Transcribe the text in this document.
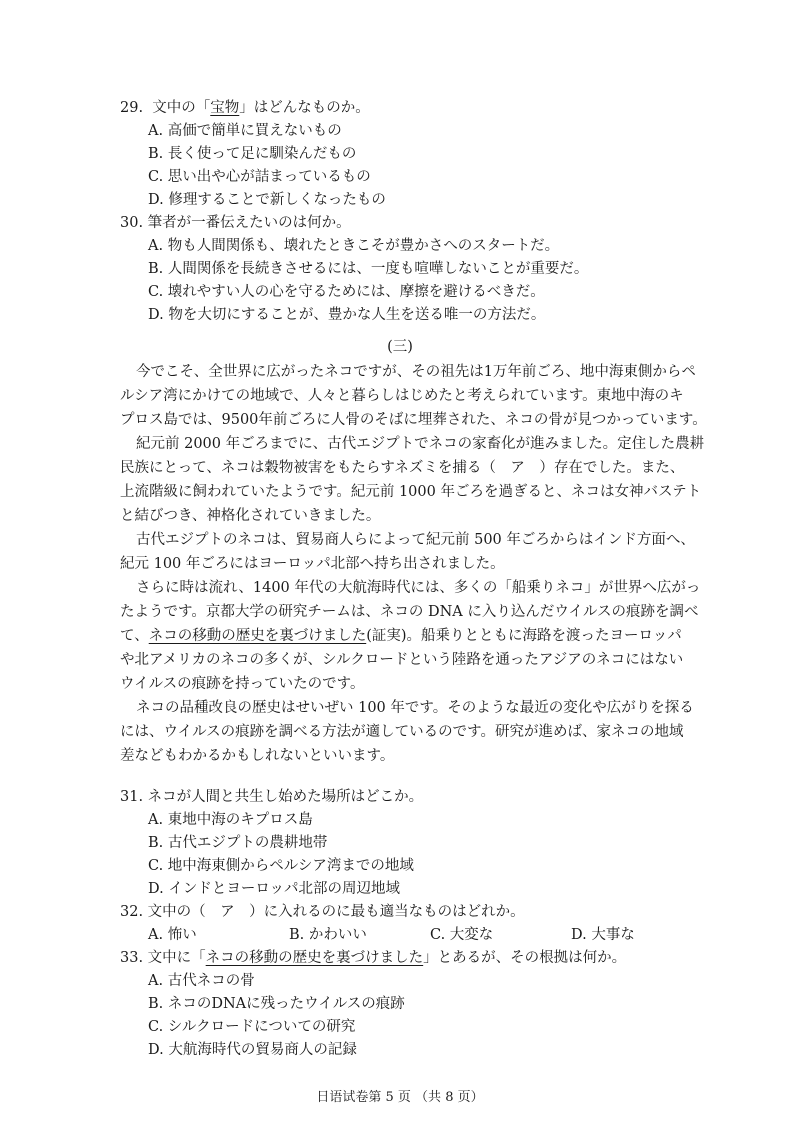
29. 文中の「宝物」はどんなものか。
A. 高価で簡単に買えないもの
B. 長く使って足に馴染んだもの
C. 思い出や心が詰まっているもの
D. 修理することで新しくなったもの
30. 筆者が一番伝えたいのは何か。
A. 物も人間関係も、壊れたときこそが豊かさへのスタートだ。
B. 人間関係を長続きさせるには、一度も喧嘩しないことが重要だ。
C. 壊れやすい人の心を守るためには、摩擦を避けるべきだ。
D. 物を大切にすることが、豊かな人生を送る唯一の方法だ。
(三)
今でこそ、全世界に広がったネコですが、その祖先は1万年前ごろ、地中海東側からペ
ルシア湾にかけての地域で、人々と暮らしはじめたと考えられています。東地中海のキ
プロス島では、9500年前ごろに人骨のそばに埋葬された、ネコの骨が見つかっています。
紀元前 2000 年ごろまでに、古代エジプトでネコの家畜化が進みました。定住した農耕
民族にとって、ネコは穀物被害をもたらすネズミを捕る（　ア　）存在でした。また、
上流階級に飼われていたようです。紀元前 1000 年ごろを過ぎると、ネコは女神バステト
と結びつき、神格化されていきました。
古代エジプトのネコは、貿易商人らによって紀元前 500 年ごろからはインド方面へ、
紀元 100 年ごろにはヨーロッパ北部へ持ち出されました。
さらに時は流れ、1400 年代の大航海時代には、多くの「船乗りネコ」が世界へ広がっ
たようです。京都大学の研究チームは、ネコの DNA に入り込んだウイルスの痕跡を調べ
て、ネコの移動の歴史を裏づけました(証実)。船乗りとともに海路を渡ったヨーロッパ
や北アメリカのネコの多くが、シルクロードという陸路を通ったアジアのネコにはない
ウイルスの痕跡を持っていたのです。
ネコの品種改良の歴史はせいぜい 100 年です。そのような最近の変化や広がりを探る
には、ウイルスの痕跡を調べる方法が適しているのです。研究が進めば、家ネコの地域
差などもわかるかもしれないといいます。
31. ネコが人間と共生し始めた場所はどこか。
A. 東地中海のキプロス島
B. 古代エジプトの農耕地帯
C. 地中海東側からペルシア湾までの地域
D. インドとヨーロッパ北部の周辺地域
32. 文中の（　ア　）に入れるのに最も適当なものはどれか。
A. 怖い	B. かわいい	C. 大変な	D. 大事な
33. 文中に「ネコの移動の歴史を裏づけました」とあるが、その根拠は何か。
A. 古代ネコの骨
B. ネコのDNAに残ったウイルスの痕跡
C. シルクロードについての研究
D. 大航海時代の貿易商人の記録
日语试卷第 5 页 （共 8 页）
